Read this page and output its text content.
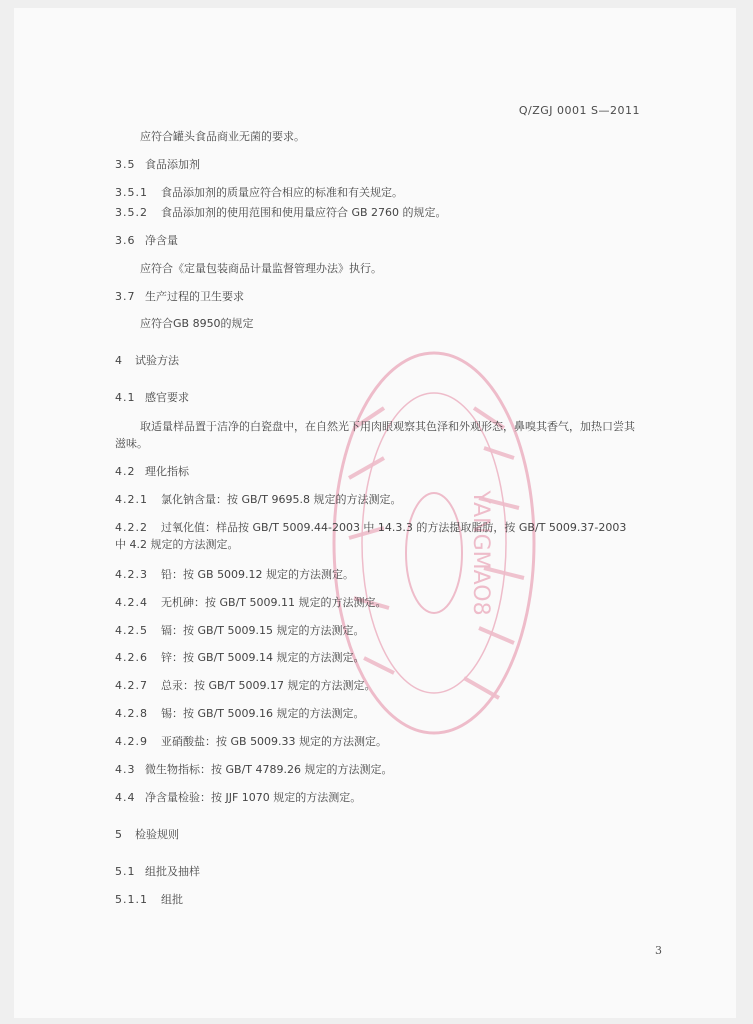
Q/ZGJ 0001 S—2011
YANGMAO8
应符合罐头食品商业无菌的要求。
3.5 食品添加剂
3.5.1 食品添加剂的质量应符合相应的标准和有关规定。
3.5.2 食品添加剂的使用范围和使用量应符合 GB 2760 的规定。
3.6 净含量
应符合《定量包装商品计量监督管理办法》执行。
3.7 生产过程的卫生要求
应符合GB 8950的规定
4 试验方法
4.1 感官要求
取适量样品置于洁净的白瓷盘中，在自然光下用肉眼观察其色泽和外观形态，鼻嗅其香气，加热口尝其滋味。
4.2 理化指标
4.2.1 氯化钠含量：按 GB/T 9695.8 规定的方法测定。
4.2.2 过氧化值：样品按 GB/T 5009.44-2003 中 14.3.3 的方法提取脂肪，按 GB/T 5009.37-2003 中 4.2 规定的方法测定。
4.2.3 铅：按 GB 5009.12 规定的方法测定。
4.2.4 无机砷：按 GB/T 5009.11 规定的方法测定。
4.2.5 镉：按 GB/T 5009.15 规定的方法测定。
4.2.6 锌：按 GB/T 5009.14 规定的方法测定。
4.2.7 总汞：按 GB/T 5009.17 规定的方法测定。
4.2.8 锡：按 GB/T 5009.16 规定的方法测定。
4.2.9 亚硝酸盐：按 GB 5009.33 规定的方法测定。
4.3 微生物指标：按 GB/T 4789.26 规定的方法测定。
4.4 净含量检验：按 JJF 1070 规定的方法测定。
5 检验规则
5.1 组批及抽样
5.1.1 组批
3
